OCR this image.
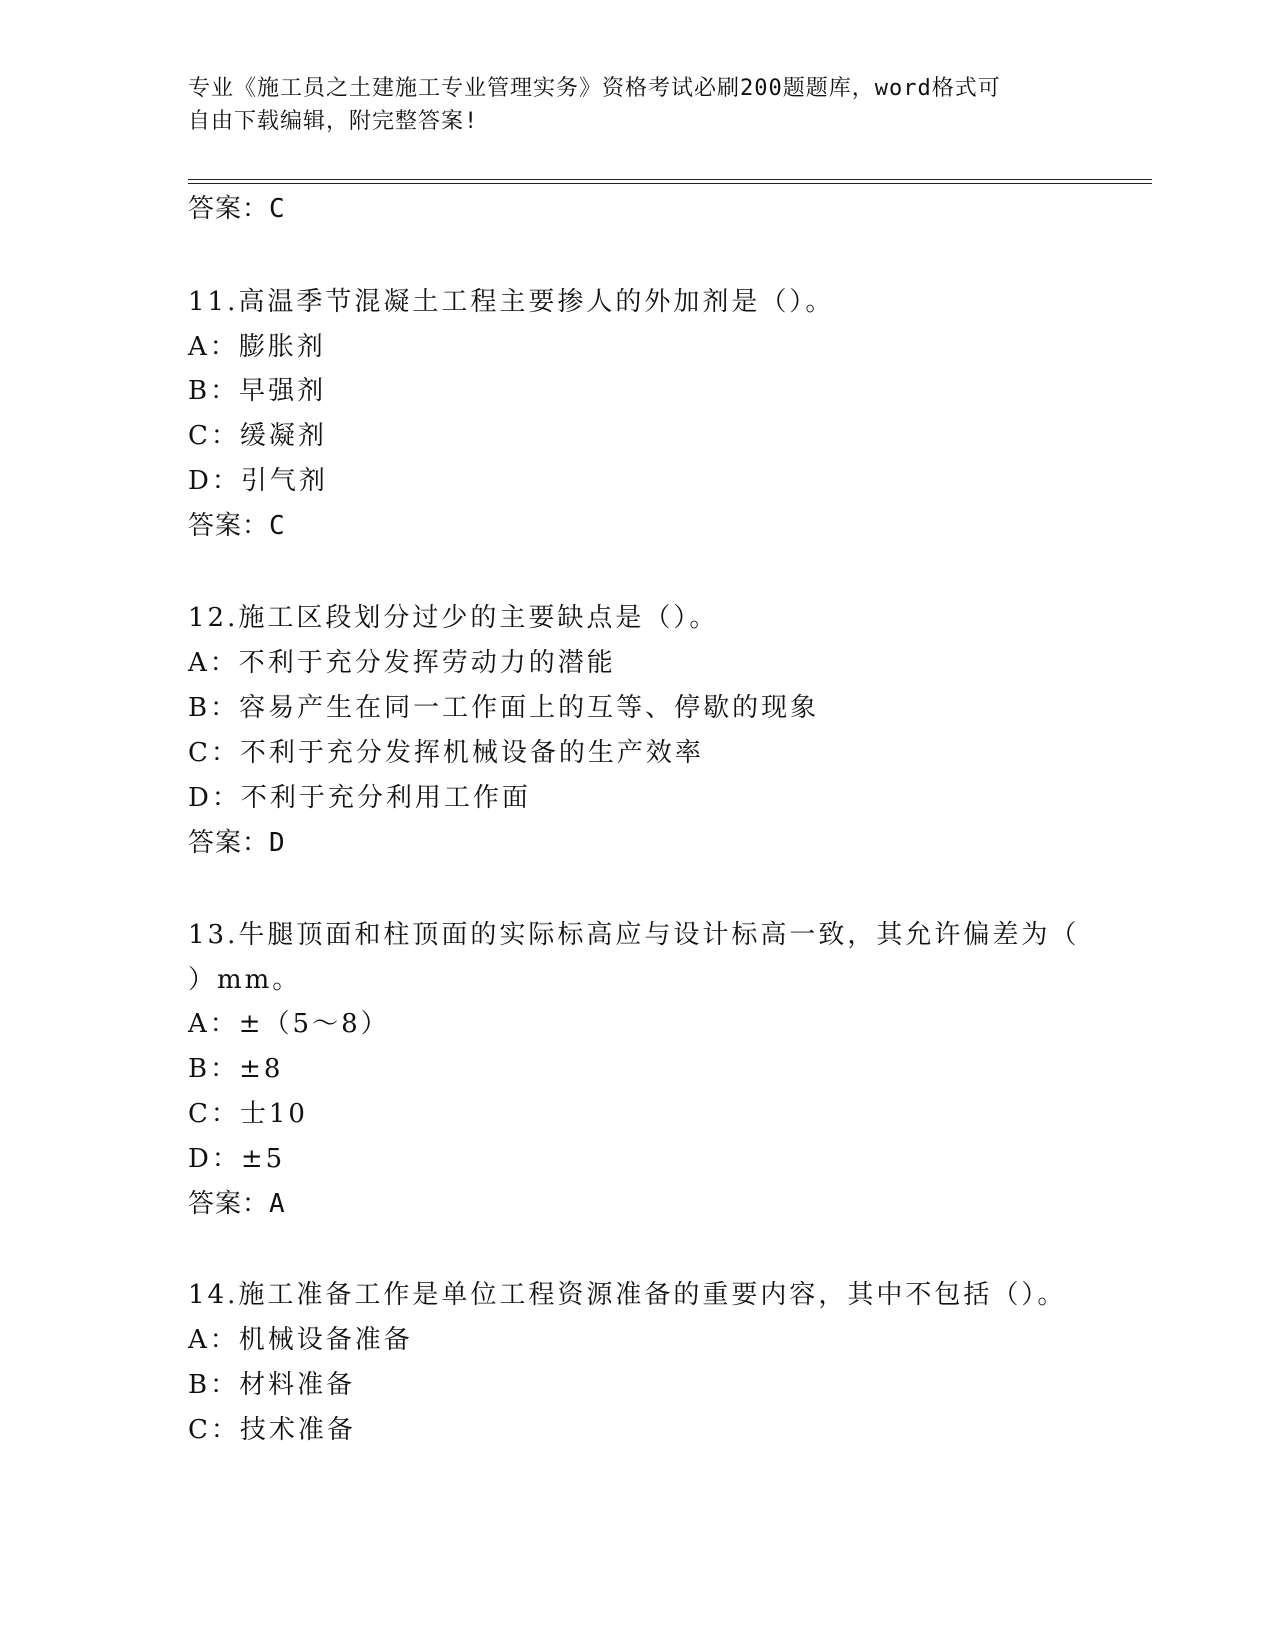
专业《施工员之土建施工专业管理实务》资格考试必刷200题题库，word格式可
自由下载编辑，附完整答案!
答案：C
11.高温季节混凝土工程主要掺人的外加剂是（）。
A：膨胀剂
B：早强剂
C：缓凝剂
D：引气剂
答案：C
12.施工区段划分过少的主要缺点是（）。
A：不利于充分发挥劳动力的潜能
B：容易产生在同一工作面上的互等、停歇的现象
C：不利于充分发挥机械设备的生产效率
D：不利于充分利用工作面
答案：D
13.牛腿顶面和柱顶面的实际标高应与设计标高一致，其允许偏差为（
）mm。
A：±（5～8）
B：±8
C：士10
D：±5
答案：A
14.施工准备工作是单位工程资源准备的重要内容，其中不包括（）。
A：机械设备准备
B：材料准备
C：技术准备
